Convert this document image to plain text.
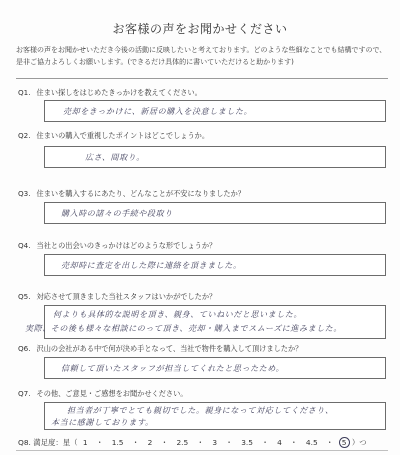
お客様の声をお聞かせください
お客様の声をお聞かせいただき今後の活動に反映したいと考えております。どのような些細なことでも結構ですので、是非ご協力よろしくお願いします。(できるだけ具体的に書いていただけると助かります)
Q1. 住まい探しをはじめたきっかけを教えてください。
売却をきっかけに、新居の購入を決意しました。
Q2. 住まいの購入で重視したポイントはどこでしょうか。
広さ、間取り。
Q3. 住まいを購入するにあたり、どんなことが不安になりましたか？
購入時の諸々の手続や段取り
Q4. 当社との出会いのきっかけはどのような形でしょうか？
売却時に査定を出した際に連絡を頂きました。
Q5. 対応させて頂きました当社スタッフはいかがでしたか？
何よりも具体的な説明を頂き、親身、ていねいだと思いました。
実際、その後も様々な相談にのって頂き、売却・購入までスムーズに進みました。
Q6. 沢山の会社がある中で何が決め手となって、当社で物件を購入して頂けましたか？
信頼して頂いたスタッフが担当してくれたと思ったため。
Q7. その他、ご意見・ご感想をお聞かせください。
担当者が丁寧でとても親切でした。親身になって対応してくださり、
本当に感謝しております。
Q8. 満足度：星（ 1 ・ 1.5 ・ 2 ・ 2.5 ・ 3 ・ 3.5 ・ 4 ・ 4.5 ・ 5 ）つ
